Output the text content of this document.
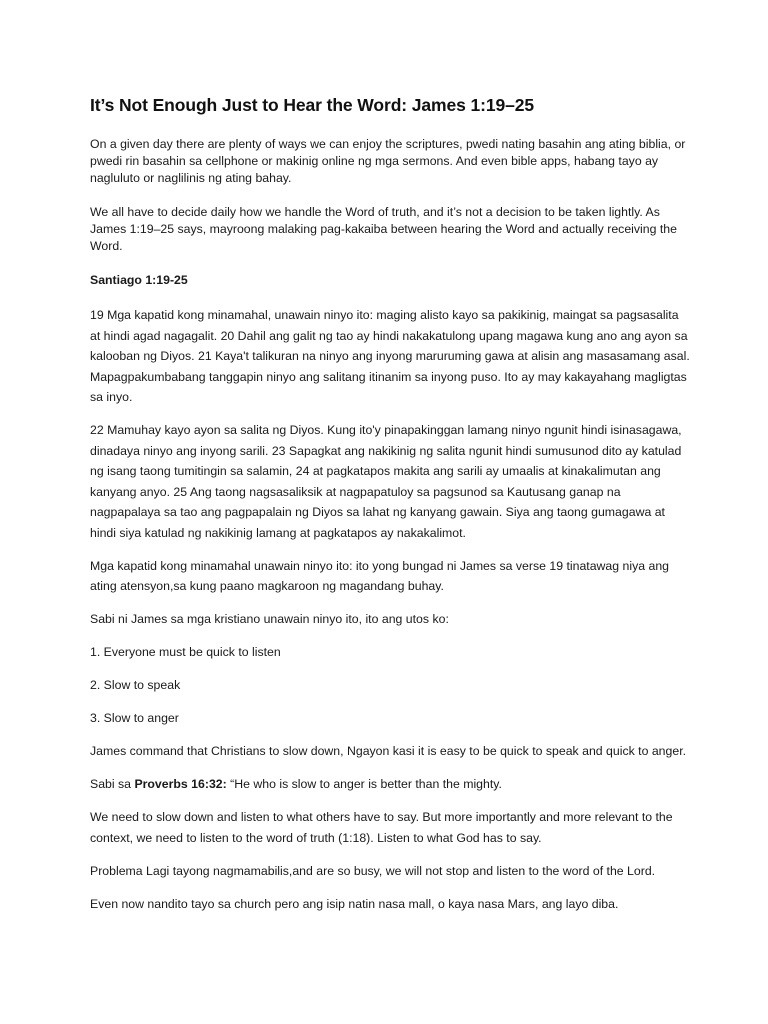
It’s Not Enough Just to Hear the Word: James 1:19–25

On a given day there are plenty of ways we can enjoy the scriptures, pwedi nating basahin ang ating biblia, or pwedi rin basahin sa cellphone or makinig online ng mga sermons. And even bible apps, habang tayo ay nagluluto or naglilinis ng ating bahay.

We all have to decide daily how we handle the Word of truth, and it’s not a decision to be taken lightly. As James 1:19–25 says, mayroong malaking pag-kakaiba between hearing the Word and actually receiving the Word.

Santiago 1:19-25

19 Mga kapatid kong minamahal, unawain ninyo ito: maging alisto kayo sa pakikinig, maingat sa pagsasalita at hindi agad nagagalit. 20 Dahil ang galit ng tao ay hindi nakakatulong upang magawa kung ano ang ayon sa kalooban ng Diyos. 21 Kaya't talikuran na ninyo ang inyong maruruming gawa at alisin ang masasamang asal. Mapagpakumbabang tanggapin ninyo ang salitang itinanim sa inyong puso. Ito ay may kakayahang magligtas sa inyo.

22 Mamuhay kayo ayon sa salita ng Diyos. Kung ito'y pinapakinggan lamang ninyo ngunit hindi isinasagawa, dinadaya ninyo ang inyong sarili. 23 Sapagkat ang nakikinig ng salita ngunit hindi sumusunod dito ay katulad ng isang taong tumitingin sa salamin, 24 at pagkatapos makita ang sarili ay umaalis at kinakalimutan ang kanyang anyo. 25 Ang taong nagsasaliksik at nagpapatuloy sa pagsunod sa Kautusang ganap na nagpapalaya sa tao ang pagpapalain ng Diyos sa lahat ng kanyang gawain. Siya ang taong gumagawa at hindi siya katulad ng nakikinig lamang at pagkatapos ay nakakalimot.

Mga kapatid kong minamahal unawain ninyo ito: ito yong bungad ni James sa verse 19 tinatawag niya ang ating atensyon,sa kung paano magkaroon ng magandang buhay.

Sabi ni James sa mga kristiano unawain ninyo ito, ito ang utos ko:

1. Everyone must be quick to listen

2. Slow to speak

3. Slow to anger

James command that Christians to slow down, Ngayon kasi it is easy to be quick to speak and quick to anger.

Sabi sa Proverbs 16:32: “He who is slow to anger is better than the mighty.

We need to slow down and listen to what others have to say. But more importantly and more relevant to the context, we need to listen to the word of truth (1:18). Listen to what God has to say.

Problema Lagi tayong nagmamabilis,and are so busy, we will not stop and listen to the word of the Lord.

Even now nandito tayo sa church pero ang isip natin nasa mall, o kaya nasa Mars, ang layo diba.
